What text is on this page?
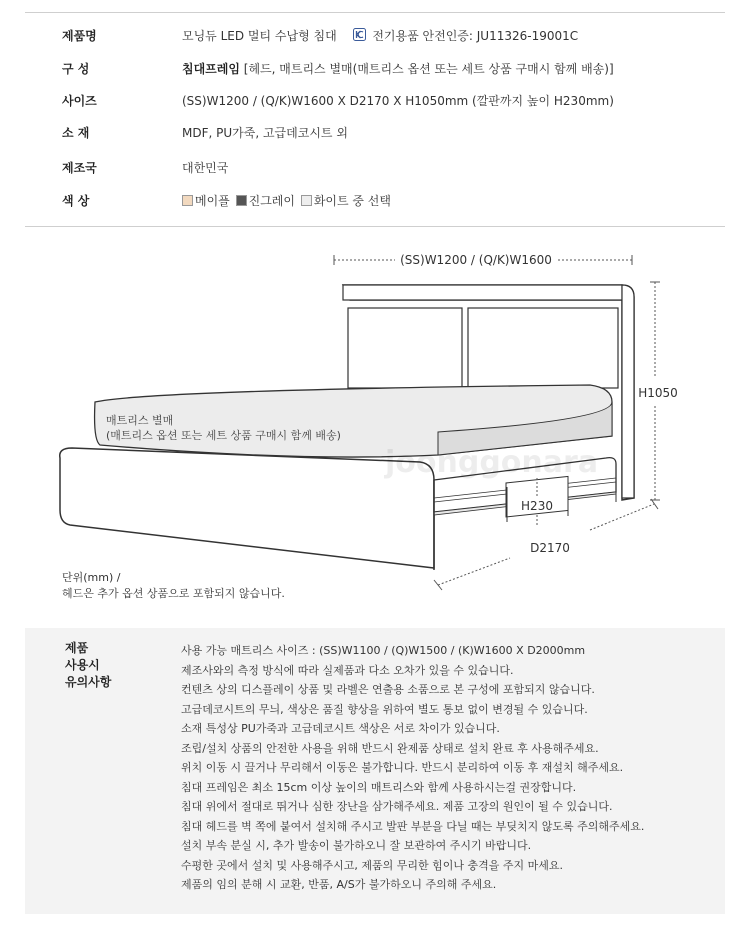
제품명	모닝듀 LED 멀티 수납형 침대	전기용품 안전인증: JU11326-19001C
구 성	침대프레임 [헤드, 매트리스 별매(매트리스 옵션 또는 세트 상품 구매시 함께 배송)]
사이즈	(SS)W1200 / (Q/K)W1600 X D2170 X H1050mm (깔판까지 높이 H230mm)
소 재	MDF, PU가죽, 고급데코시트 외
제조국	대한민국
색 상	메이플 진그레이 화이트 중 선택
(SS)W1200 / (Q/K)W1600
H1050
매트리스 별매
(매트리스 옵션 또는 세트 상품 구매시 함께 배송)
H230
D2170
joonggonara
단위(mm) /
헤드은 추가 옵션 상품으로 포함되지 않습니다.
제품
사용시
유의사항
사용 가능 매트리스 사이즈 : (SS)W1100 / (Q)W1500 / (K)W1600 X D2000mm
제조사와의 측정 방식에 따라 실제품과 다소 오차가 있을 수 있습니다.
컨텐츠 상의 디스플레이 상품 및 라벨은 연출용 소품으로 본 구성에 포함되지 않습니다.
고급데코시트의 무늬, 색상은 품질 향상을 위하여 별도 통보 없이 변경될 수 있습니다.
소재 특성상 PU가죽과 고급데코시트 색상은 서로 차이가 있습니다.
조립/설치 상품의 안전한 사용을 위해 반드시 완제품 상태로 설치 완료 후 사용해주세요.
위치 이동 시 끌거나 무리해서 이동은 불가합니다. 반드시 분리하여 이동 후 재설치 해주세요.
침대 프레임은 최소 15cm 이상 높이의 매트리스와 함께 사용하시는걸 권장합니다.
침대 위에서 절대로 뛰거나 심한 장난을 삼가해주세요. 제품 고장의 원인이 될 수 있습니다.
침대 헤드를 벽 쪽에 붙여서 설치해 주시고 발판 부분을 다닐 때는 부딪치지 않도록 주의해주세요.
설치 부속 분실 시, 추가 발송이 불가하오니 잘 보관하여 주시기 바랍니다.
수평한 곳에서 설치 및 사용해주시고, 제품의 무리한 힘이나 충격을 주지 마세요.
제품의 임의 분해 시 교환, 반품, A/S가 불가하오니 주의해 주세요.
